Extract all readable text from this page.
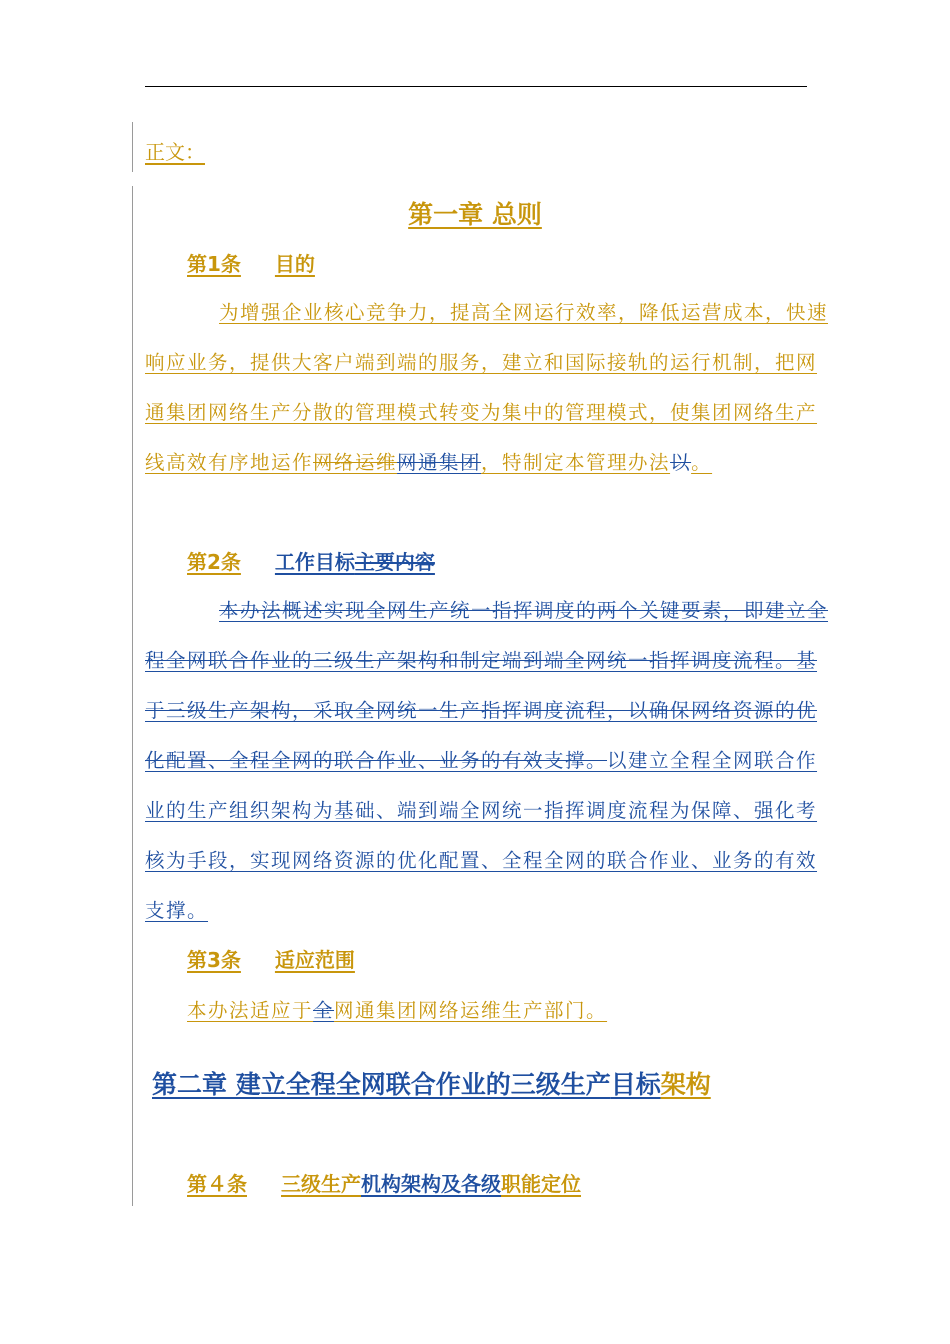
正文：

第一章 总则
第1条 目的

为增强企业核心竞争力，提高全网运行效率，降低运营成本，快速响应业务，提供大客户端到端的服务，建立和国际接轨的运行机制，把网通集团网络生产分散的管理模式转变为集中的管理模式，使集团网络生产线高效有序地运作网络运维网通集团，特制定本管理办法以。

第2条 工作目标主要内容

本办法概述实现全网生产统一指挥调度的两个关键要素，即建立全程全网联合作业的三级生产架构和制定端到端全网统一指挥调度流程。基于三级生产架构，采取全网统一生产指挥调度流程，以确保网络资源的优化配置、全程全网的联合作业、业务的有效支撑。以建立全程全网联合作业的生产组织架构为基础、端到端全网统一指挥调度流程为保障、强化考核为手段，实现网络资源的优化配置、全程全网的联合作业、业务的有效支撑。

第3条 适应范围

本办法适应于全网通集团网络运维生产部门。

第二章 建立全程全网联合作业的三级生产目标架构
第４条 三级生产机构架构及各级职能定位
